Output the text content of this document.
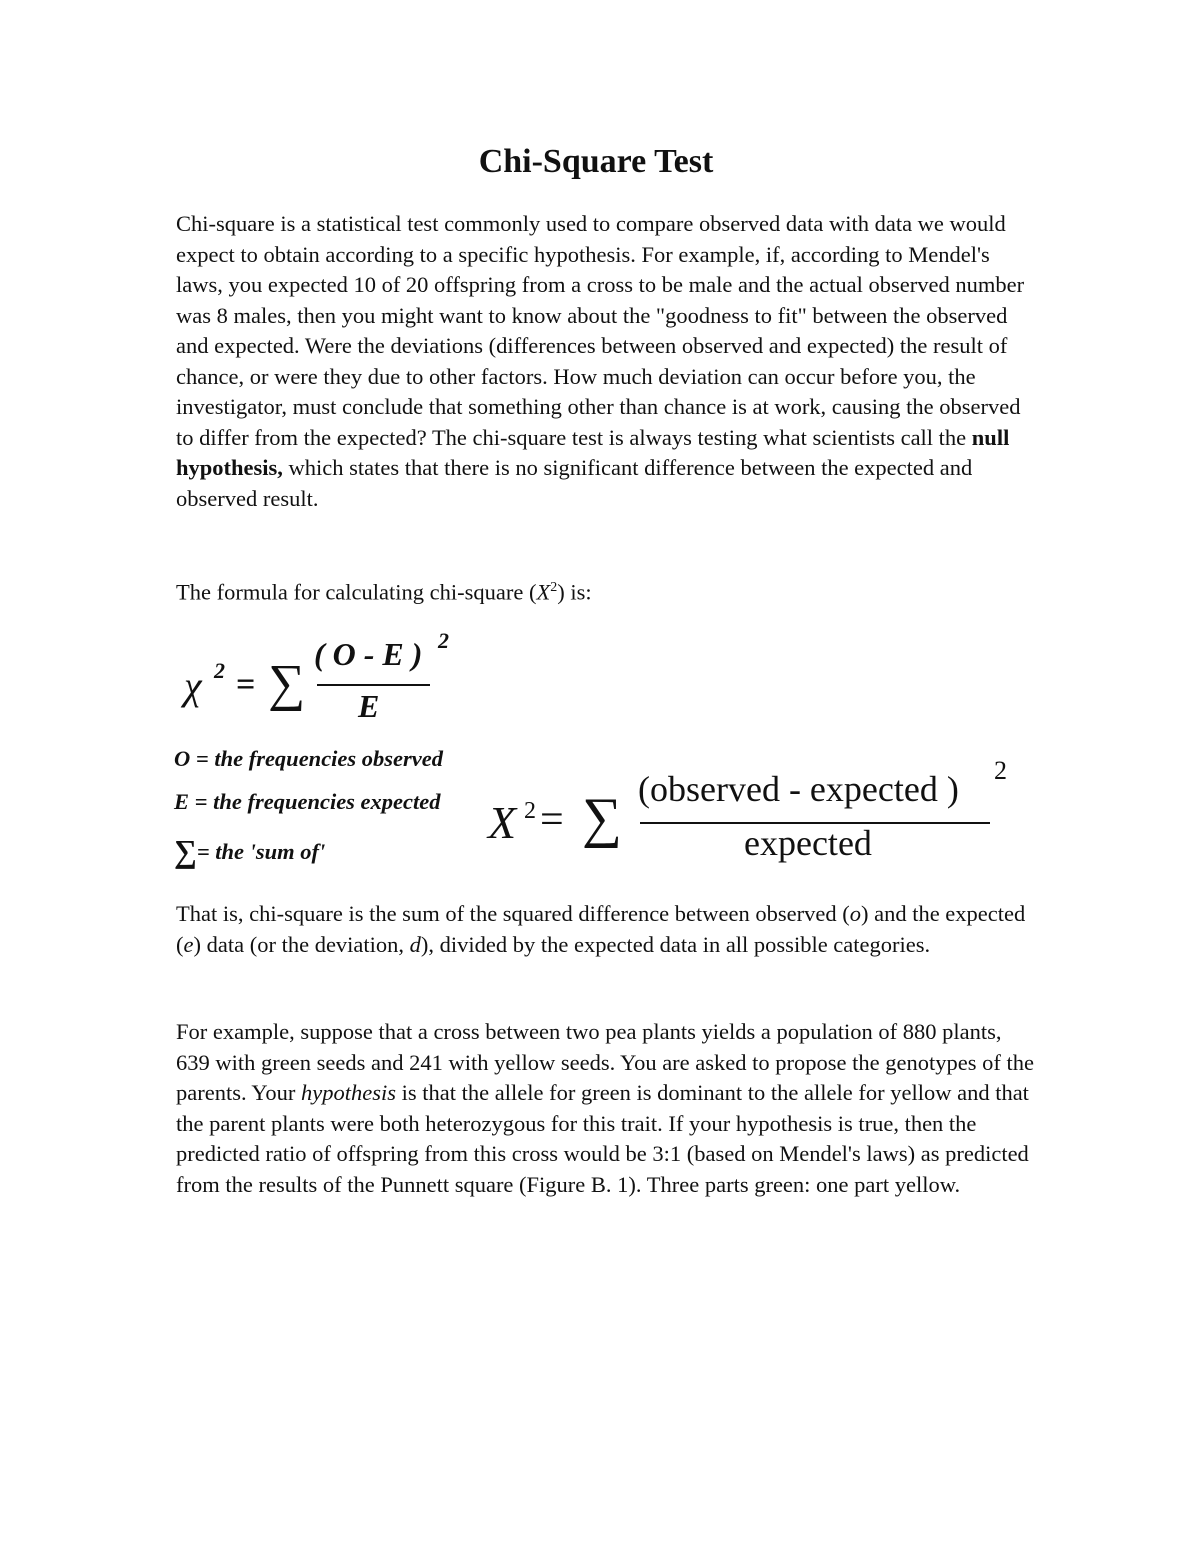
Chi-Square Test
Chi-square is a statistical test commonly used to compare observed data with data we would expect to obtain according to a specific hypothesis. For example, if, according to Mendel's laws, you expected 10 of 20 offspring from a cross to be male and the actual observed number was 8 males, then you might want to know about the "goodness to fit" between the observed and expected. Were the deviations (differences between observed and expected) the result of chance, or were they due to other factors. How much deviation can occur before you, the investigator, must conclude that something other than chance is at work, causing the observed to differ from the expected? The chi-square test is always testing what scientists call the null hypothesis, which states that there is no significant difference between the expected and observed result.
The formula for calculating chi-square $(X^2)$ is:
χ 2 = ∑
( O - E ) 2
E
O = the frequencies observed
E = the frequencies expected
∑= the 'sum of'
X 2 = ∑ (observed - expected ) 2
expected
That is, chi-square is the sum of the squared difference between observed (o) and the expected (e) data (or the deviation, d), divided by the expected data in all possible categories.
For example, suppose that a cross between two pea plants yields a population of 880 plants, 639 with green seeds and 241 with yellow seeds. You are asked to propose the genotypes of the parents. Your hypothesis is that the allele for green is dominant to the allele for yellow and that the parent plants were both heterozygous for this trait. If your hypothesis is true, then the predicted ratio of offspring from this cross would be 3:1 (based on Mendel's laws) as predicted from the results of the Punnett square (Figure B. 1). Three parts green: one part yellow.
